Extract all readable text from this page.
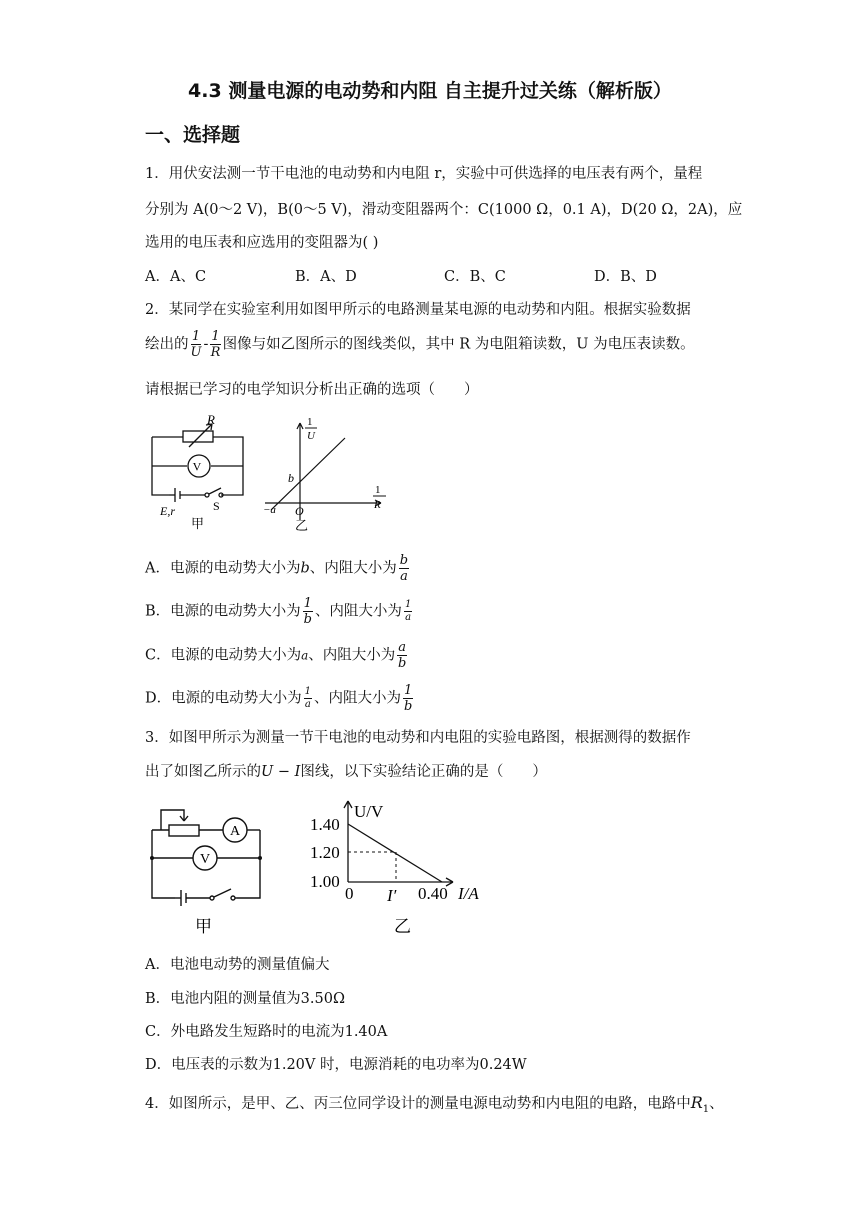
4.3 测量电源的电动势和内阻 自主提升过关练（解析版）
一、选择题
1．用伏安法测一节干电池的电动势和内电阻 r，实验中可供选择的电压表有两个，量程
分别为 A(0～2 V)，B(0～5 V)，滑动变阻器两个：C(1000 Ω，0.1 A)，D(20 Ω，2A)，应
选用的电压表和应选用的变阻器为( )
A．A、C	B．A、D	C．B、C	D．B、D
2．某同学在实验室利用如图甲所示的电路测量某电源的电动势和内阻。根据实验数据
绘出的 $\frac{1}{U} - \frac{1}{R}$ 图像与如乙图所示的图线类似，其中 R 为电阻箱读数，U 为电压表读数。
请根据已学习的电学知识分析出正确的选项（　　）
V
R
E,r	S
甲
1
U
1
R
b
O
−a
乙
A．电源的电动势大小为b、内阻大小为 $\frac{b}{a}$
B．电源的电动势大小为 $\frac{1}{b}$ 、内阻大小为 $\frac{1}{a}$
C．电源的电动势大小为a、内阻大小为 $\frac{a}{b}$
D．电源的电动势大小为 $\frac{1}{a}$ 、内阻大小为 $\frac{1}{b}$
3．如图甲所示为测量一节干电池的电动势和内电阻的实验电路图，根据测得的数据作
出了如图乙所示的U − I图线，以下实验结论正确的是（　　）
A
V
甲
U/V
1.40
1.20
1.00
0 I′ 0.40 I/A
乙
A．电池电动势的测量值偏大
B．电池内阻的测量值为3.50Ω
C．外电路发生短路时的电流为1.40A
D．电压表的示数为1.20V 时，电源消耗的电功率为0.24W
4．如图所示，是甲、乙、丙三位同学设计的测量电源电动势和内电阻的电路，电路中$R_1$、
